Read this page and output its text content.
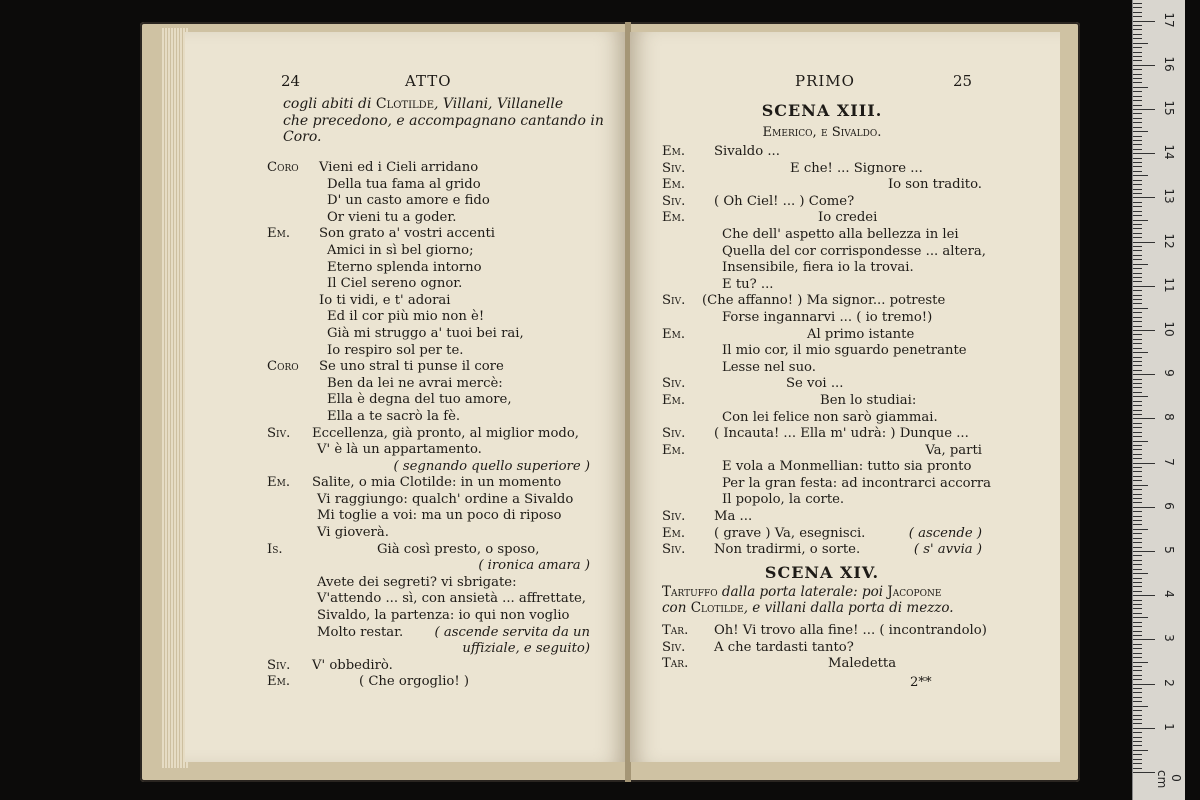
24	ATTO
cogli abiti di Clotilde, Villani, Villanelle
che precedono, e accompagnano cantando in
Coro.
Coro Vieni ed i Cieli arridano
Della tua fama al grido
D' un casto amore e fido
Or vieni tu a goder.
Em. Son grato a' vostri accenti
Amici in sì bel giorno;
Eterno splenda intorno
Il Ciel sereno ognor.
Io ti vidi, e t' adorai
Ed il cor più mio non è!
Già mi struggo a' tuoi bei rai,
Io respiro sol per te.
Coro Se uno stral ti punse il core
Ben da lei ne avrai mercè:
Ella è degna del tuo amore,
Ella a te sacrò la fè.
Siv. Eccellenza, già pronto, al miglior modo,
V' è là un appartamento.
( segnando quello superiore )
Em. Salite, o mia Clotilde: in un momento
Vi raggiungo: qualch' ordine a Sivaldo
Mi toglie a voi: ma un poco di riposo
Vi gioverà.
Is.	Già così presto, o sposo,
( ironica amara )
Avete dei segreti? vi sbrigate:
V'attendo ... sì, con ansietà ... affrettate,
Sivaldo, la partenza: io qui non voglio
Molto restar. ( ascende servita da un
uffiziale, e seguito)
Siv. V' obbedirò.
Em.	( Che orgoglio! )
PRIMO	25
SCENA XIII.
Emerico, e Sivaldo.
Em. Sivaldo ...
Siv.	E che! ... Signore ...
Em.	Io son tradito.
Siv. ( Oh Ciel! ... ) Come?
Em.	Io credei
Che dell' aspetto alla bellezza in lei
Quella del cor corrispondesse ... altera,
Insensibile, fiera io la trovai.
E tu? ...
Siv. (Che affanno! ) Ma signor... potreste
Forse ingannarvi ... ( io tremo!)
Em.	Al primo istante
Il mio cor, il mio sguardo penetrante
Lesse nel suo.
Siv.	Se voi ...
Em.	Ben lo studiai:
Con lei felice non sarò giammai.
Siv. ( Incauta! ... Ella m' udrà: ) Dunque ...
Em.	Va, parti
E vola a Monmellian: tutto sia pronto
Per la gran festa: ad incontrarci accorra
Il popolo, la corte.
Siv. Ma ...
Em. ( grave ) Va, esegnisci.	( ascende )
Siv. Non tradirmi, o sorte.	( s' avvia )
SCENA XIV.
Tartuffo dalla porta laterale: poi Jacopone
con Clotilde, e villani dalla porta di mezzo.
Tar. Oh! Vi trovo alla fine! ... ( incontrandolo)
Siv. A che tardasti tanto?
Tar.	Maledetta
2**
0 cm
1
2
3
4
5
6
7
8
9
10
11
12
13
14
15
16
17
